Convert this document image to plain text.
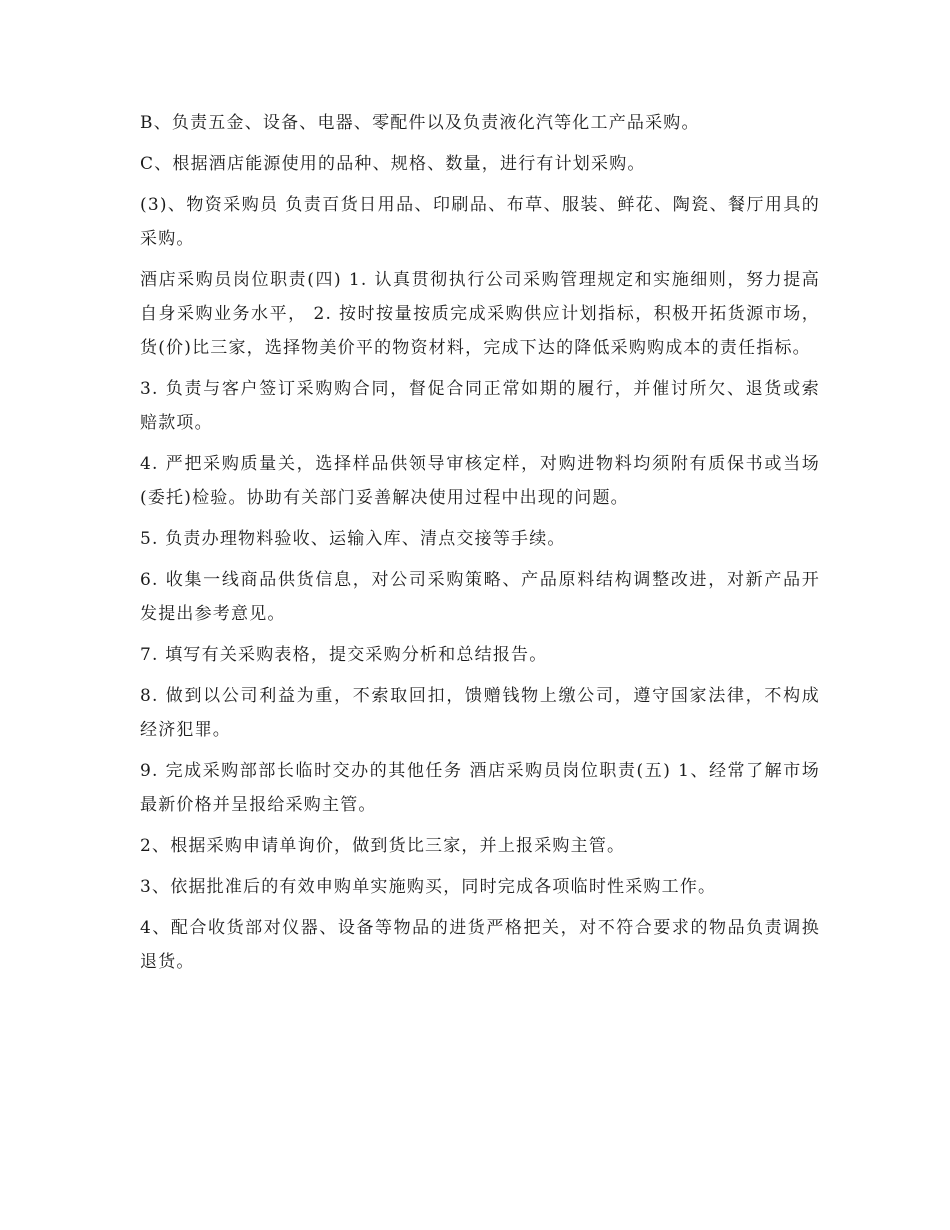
B、负责五金、设备、电器、零配件以及负责液化汽等化工产品采购。

C、根据酒店能源使用的品种、规格、数量，进行有计划采购。

(3)、物资采购员 负责百货日用品、印刷品、布草、服装、鲜花、陶瓷、餐厅用具的采购。

酒店采购员岗位职责(四) 1. 认真贯彻执行公司采购管理规定和实施细则，努力提高自身采购业务水平， 2. 按时按量按质完成采购供应计划指标，积极开拓货源市场，货(价)比三家，选择物美价平的物资材料，完成下达的降低采购购成本的责任指标。

3. 负责与客户签订采购购合同，督促合同正常如期的履行，并催讨所欠、退货或索赔款项。

4. 严把采购质量关，选择样品供领导审核定样，对购进物料均须附有质保书或当场(委托)检验。协助有关部门妥善解决使用过程中出现的问题。

5. 负责办理物料验收、运输入库、清点交接等手续。

6. 收集一线商品供货信息，对公司采购策略、产品原料结构调整改进，对新产品开发提出参考意见。

7. 填写有关采购表格，提交采购分析和总结报告。

8. 做到以公司利益为重，不索取回扣，馈赠钱物上缴公司，遵守国家法律，不构成经济犯罪。

9. 完成采购部部长临时交办的其他任务 酒店采购员岗位职责(五) 1、经常了解市场最新价格并呈报给采购主管。

2、根据采购申请单询价，做到货比三家，并上报采购主管。

3、依据批准后的有效申购单实施购买，同时完成各项临时性采购工作。

4、配合收货部对仪器、设备等物品的进货严格把关，对不符合要求的物品负责调换退货。
